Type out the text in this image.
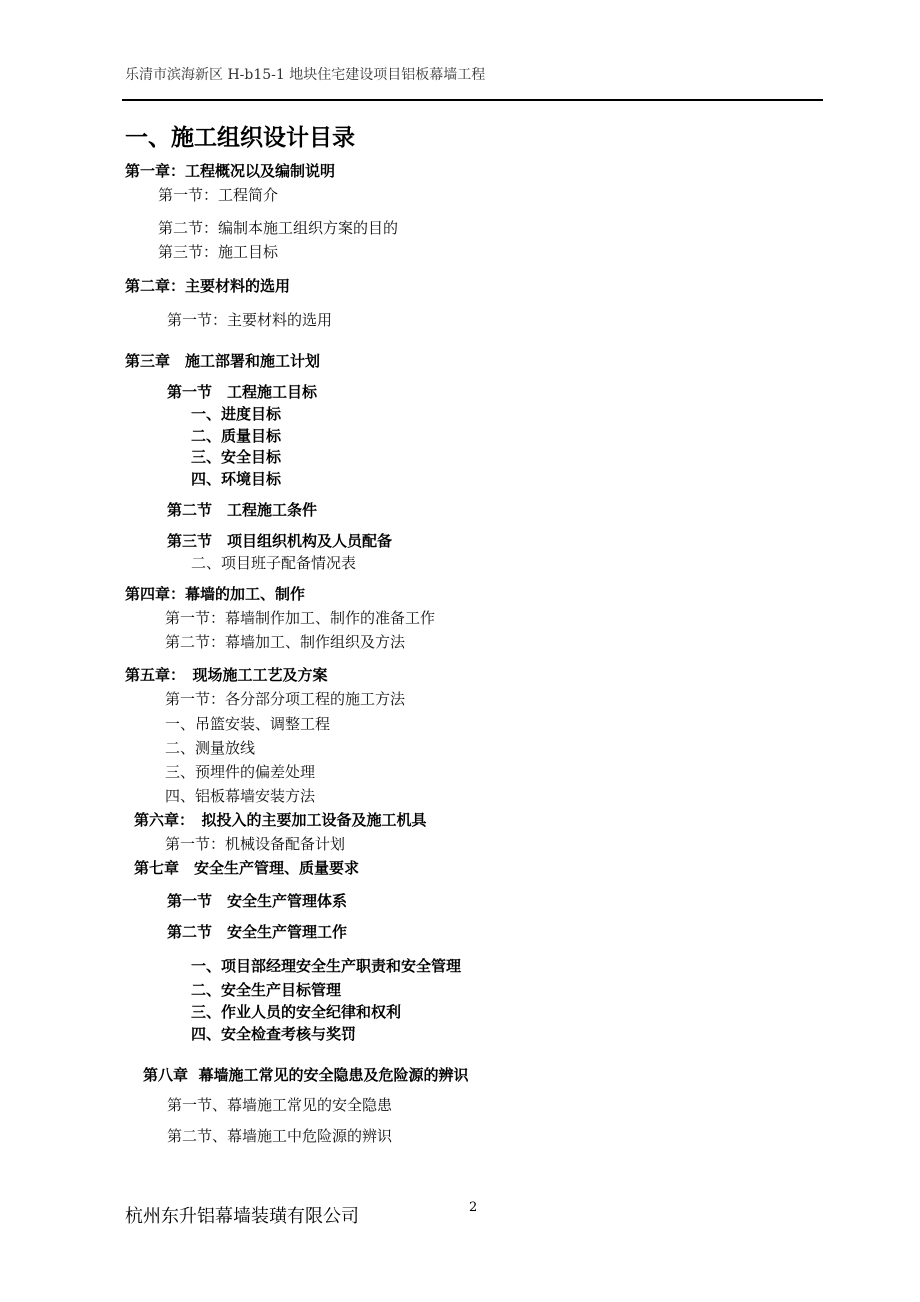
乐清市滨海新区 H-b15-1 地块住宅建设项目铝板幕墙工程
一、施工组织设计目录
第一章：工程概况以及编制说明
第一节：工程简介
第二节：编制本施工组织方案的目的
第三节：施工目标
第二章：主要材料的选用
第一节：主要材料的选用
第三章　施工部署和施工计划
第一节　工程施工目标
一、进度目标
二、质量目标
三、安全目标
四、环境目标
第二节　工程施工条件
第三节　项目组织机构及人员配备
二、项目班子配备情况表
第四章：幕墙的加工、制作
第一节：幕墙制作加工、制作的准备工作
第二节：幕墙加工、制作组织及方法
第五章：　现场施工工艺及方案
第一节：各分部分项工程的施工方法
一、吊篮安装、调整工程
二、测量放线
三、预埋件的偏差处理
四、铝板幕墙安装方法
第六章：　拟投入的主要加工设备及施工机具
第一节：机械设备配备计划
第七章　安全生产管理、质量要求
第一节　安全生产管理体系
第二节　安全生产管理工作
一、项目部经理安全生产职责和安全管理
二、安全生产目标管理
三、作业人员的安全纪律和权利
四、安全检查考核与奖罚
第八章  幕墙施工常见的安全隐患及危险源的辨识
第一节、幕墙施工常见的安全隐患
第二节、幕墙施工中危险源的辨识
杭州东升铝幕墙装璜有限公司	2
